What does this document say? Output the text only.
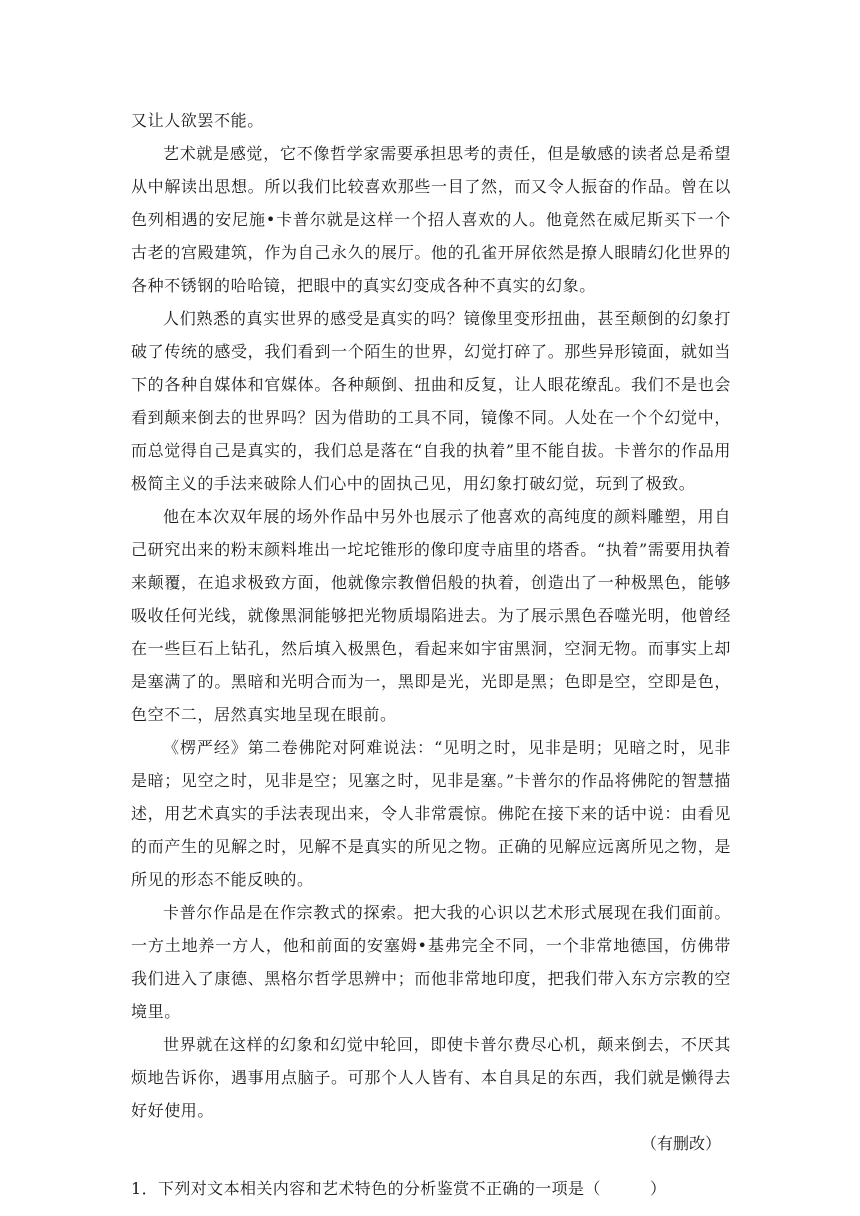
又让人欲罢不能。

艺术就是感觉，它不像哲学家需要承担思考的责任，但是敏感的读者总是希望从中解读出思想。所以我们比较喜欢那些一目了然，而又令人振奋的作品。曾在以色列相遇的安尼施•卡普尔就是这样一个招人喜欢的人。他竟然在威尼斯买下一个古老的宫殿建筑，作为自己永久的展厅。他的孔雀开屏依然是撩人眼睛幻化世界的各种不锈钢的哈哈镜，把眼中的真实幻变成各种不真实的幻象。

人们熟悉的真实世界的感受是真实的吗？镜像里变形扭曲，甚至颠倒的幻象打破了传统的感受，我们看到一个陌生的世界，幻觉打碎了。那些异形镜面，就如当下的各种自媒体和官媒体。各种颠倒、扭曲和反复，让人眼花缭乱。我们不是也会看到颠来倒去的世界吗？因为借助的工具不同，镜像不同。人处在一个个幻觉中，而总觉得自己是真实的，我们总是落在“自我的执着”里不能自拔。卡普尔的作品用极简主义的手法来破除人们心中的固执己见，用幻象打破幻觉，玩到了极致。

他在本次双年展的场外作品中另外也展示了他喜欢的高纯度的颜料雕塑，用自己研究出来的粉末颜料堆出一坨坨锥形的像印度寺庙里的塔香。“执着”需要用执着来颠覆，在追求极致方面，他就像宗教僧侣般的执着，创造出了一种极黑色，能够吸收任何光线，就像黑洞能够把光物质塌陷进去。为了展示黑色吞噬光明，他曾经在一些巨石上钻孔，然后填入极黑色，看起来如宇宙黑洞，空洞无物。而事实上却是塞满了的。黑暗和光明合而为一，黑即是光，光即是黑；色即是空，空即是色，色空不二，居然真实地呈现在眼前。

《楞严经》第二卷佛陀对阿难说法：“见明之时，见非是明；见暗之时，见非是暗；见空之时，见非是空；见塞之时，见非是塞。”卡普尔的作品将佛陀的智慧描述，用艺术真实的手法表现出来，令人非常震惊。佛陀在接下来的话中说：由看见的而产生的见解之时，见解不是真实的所见之物。正确的见解应远离所见之物，是所见的形态不能反映的。

卡普尔作品是在作宗教式的探索。把大我的心识以艺术形式展现在我们面前。一方土地养一方人，他和前面的安塞姆•基弗完全不同，一个非常地德国，仿佛带我们进入了康德、黑格尔哲学思辨中；而他非常地印度，把我们带入东方宗教的空境里。

世界就在这样的幻象和幻觉中轮回，即使卡普尔费尽心机，颠来倒去，不厌其烦地告诉你，遇事用点脑子。可那个人人皆有、本自具足的东西，我们就是懒得去好好使用。

（有删改）

1．下列对文本相关内容和艺术特色的分析鉴赏不正确的一项是（　　　）
